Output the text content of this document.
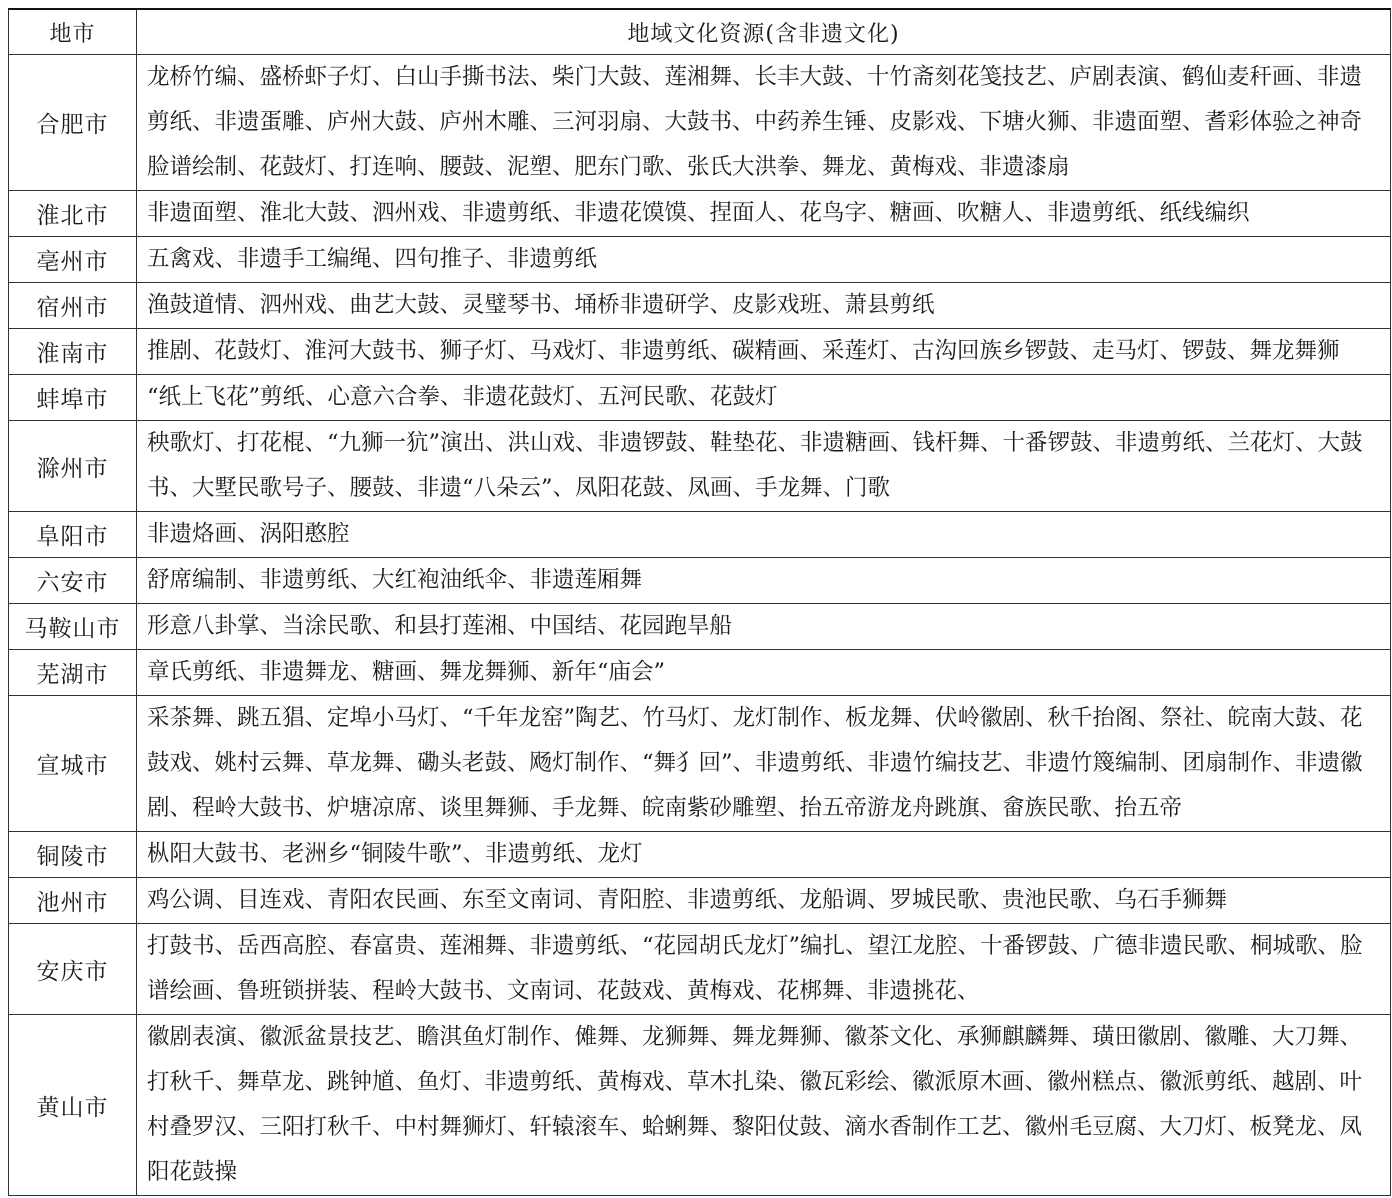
地市	地域文化资源(含非遗文化)
合肥市	龙桥竹编、盛桥虾子灯、白山手撕书法、柴门大鼓、莲湘舞、长丰大鼓、十竹斋刻花笺技艺、庐剧表演、鹤仙麦秆画、非遗剪纸、非遗蛋雕、庐州大鼓、庐州木雕、三河羽扇、大鼓书、中药养生锤、皮影戏、下塘火狮、非遗面塑、耆彩体验之神奇脸谱绘制、花鼓灯、打连响、腰鼓、泥塑、肥东门歌、张氏大洪拳、舞龙、黄梅戏、非遗漆扇
淮北市	非遗面塑、淮北大鼓、泗州戏、非遗剪纸、非遗花馍馍、捏面人、花鸟字、糖画、吹糖人、非遗剪纸、纸线编织
亳州市	五禽戏、非遗手工编绳、四句推子、非遗剪纸
宿州市	渔鼓道情、泗州戏、曲艺大鼓、灵璧琴书、埇桥非遗研学、皮影戏班、萧县剪纸
淮南市	推剧、花鼓灯、淮河大鼓书、狮子灯、马戏灯、非遗剪纸、碳精画、采莲灯、古沟回族乡锣鼓、走马灯、锣鼓、舞龙舞狮
蚌埠市	“纸上飞花”剪纸、心意六合拳、非遗花鼓灯、五河民歌、花鼓灯
滁州市	秧歌灯、打花棍、“九狮一犺”演出、洪山戏、非遗锣鼓、鞋垫花、非遗糖画、钱杆舞、十番锣鼓、非遗剪纸、兰花灯、大鼓书、大墅民歌号子、腰鼓、非遗“八朵云”、凤阳花鼓、凤画、手龙舞、门歌
阜阳市	非遗烙画、涡阳憨腔
六安市	舒席编制、非遗剪纸、大红袍油纸伞、非遗莲厢舞
马鞍山市	形意八卦掌、当涂民歌、和县打莲湘、中国结、花园跑旱船
芜湖市	章氏剪纸、非遗舞龙、糖画、舞龙舞狮、新年“庙会”
宣城市	采茶舞、跳五猖、定埠小马灯、“千年龙窑”陶艺、竹马灯、龙灯制作、板龙舞、伏岭徽剧、秋千抬阁、祭社、皖南大鼓、花鼓戏、姚村云舞、草龙舞、磡头老鼓、飏灯制作、“舞犭回”、非遗剪纸、非遗竹编技艺、非遗竹篾编制、团扇制作、非遗徽剧、程岭大鼓书、炉塘凉席、谈里舞狮、手龙舞、皖南紫砂雕塑、抬五帝游龙舟跳旗、畲族民歌、抬五帝
铜陵市	枞阳大鼓书、老洲乡“铜陵牛歌”、非遗剪纸、龙灯
池州市	鸡公调、目连戏、青阳农民画、东至文南词、青阳腔、非遗剪纸、龙船调、罗城民歌、贵池民歌、乌石手狮舞
安庆市	打鼓书、岳西高腔、春富贵、莲湘舞、非遗剪纸、“花园胡氏龙灯”编扎、望江龙腔、十番锣鼓、广德非遗民歌、桐城歌、脸谱绘画、鲁班锁拼装、程岭大鼓书、文南词、花鼓戏、黄梅戏、花梆舞、非遗挑花、
黄山市	徽剧表演、徽派盆景技艺、瞻淇鱼灯制作、傩舞、龙狮舞、舞龙舞狮、徽茶文化、承狮麒麟舞、璜田徽剧、徽雕、大刀舞、打秋千、舞草龙、跳钟馗、鱼灯、非遗剪纸、黄梅戏、草木扎染、徽瓦彩绘、徽派原木画、徽州糕点、徽派剪纸、越剧、叶村叠罗汉、三阳打秋千、中村舞狮灯、轩辕滚车、蛤蜊舞、黎阳仗鼓、滴水香制作工艺、徽州毛豆腐、大刀灯、板凳龙、凤阳花鼓操
